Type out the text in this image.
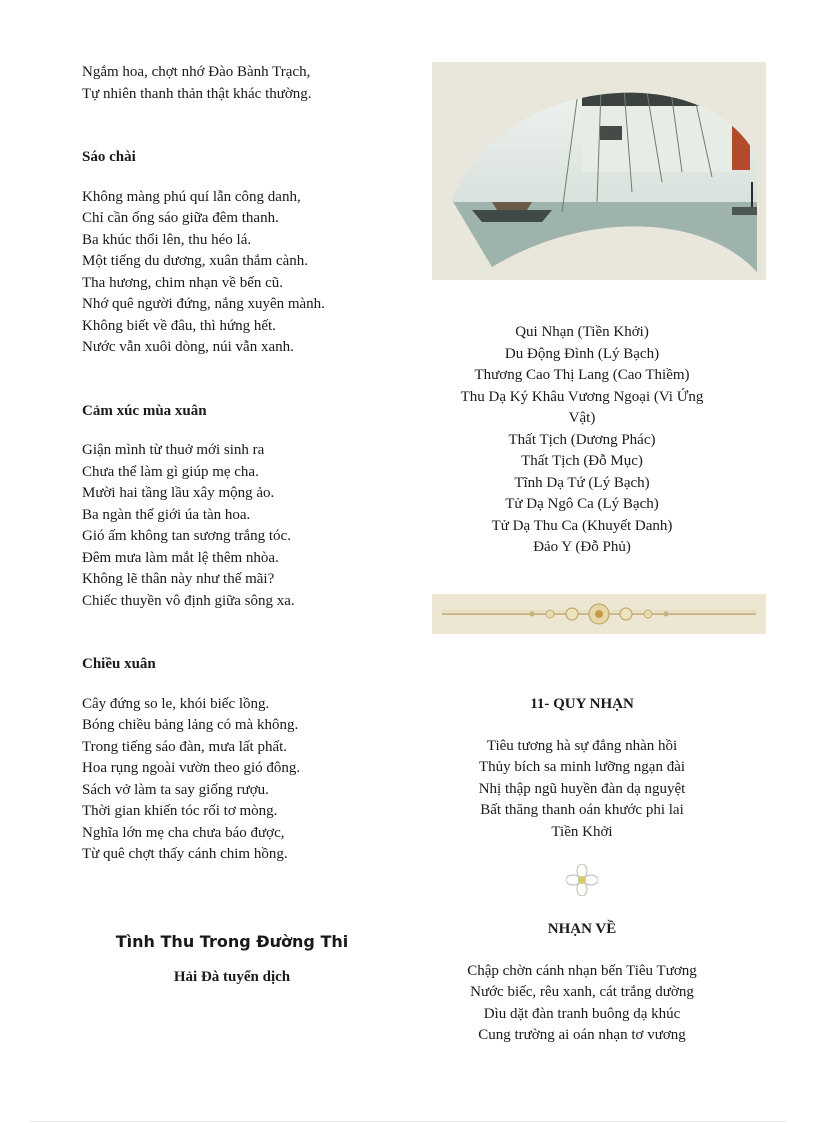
Ngắm hoa, chợt nhớ Đào Bành Trạch,
Tự nhiên thanh thản thật khác thường.
Sáo chài
Không màng phú quí lẫn công danh,
Chỉ cần ống sáo giữa đêm thanh.
Ba khúc thổi lên, thu héo lá.
Một tiếng du dương, xuân thắm cành.
Tha hương, chim nhạn về bến cũ.
Nhớ quê người đứng, nắng xuyên mành.
Không biết về đâu, thì hứng hết.
Nước vẫn xuôi dòng, núi vẫn xanh.
Cảm xúc mùa xuân
Giận mình từ thuở mới sinh ra
Chưa thể làm gì giúp mẹ cha.
Mười hai tầng lầu xây mộng ảo.
Ba ngàn thế giới úa tàn hoa.
Gió ấm không tan sương trắng tóc.
Đêm mưa làm mắt lệ thêm nhòa.
Không lẽ thân này như thế mãi?
Chiếc thuyền vô định giữa sông xa.
Chiều xuân
Cây đứng so le, khói biếc lồng.
Bóng chiều bảng lảng có mà không.
Trong tiếng sáo đàn, mưa lất phất.
Hoa rụng ngoài vườn theo gió đông.
Sách vở làm ta say giống rượu.
Thời gian khiến tóc rối tơ mòng.
Nghĩa lớn mẹ cha chưa báo được,
Từ quê chợt thấy cánh chim hồng.
Tình Thu Trong Đường Thi
Hải Đà tuyển dịch
Qui Nhạn (Tiền Khởi)
Du Động Đình (Lý Bạch)
Thương Cao Thị Lang (Cao Thiềm)
Thu Dạ Ký Khâu Vương Ngoại (Vi Ứng
Vật)
Thất Tịch (Dương Phác)
Thất Tịch (Đỗ Mục)
Tĩnh Dạ Tứ (Lý Bạch)
Tử Dạ Ngô Ca (Lý Bạch)
Tử Dạ Thu Ca (Khuyết Danh)
Đảo Y (Đỗ Phủ)
11- QUY NHẠN
Tiêu tương hà sự đẳng nhàn hồi
Thủy bích sa minh lưỡng ngạn đài
Nhị thập ngũ huyền đàn dạ nguyệt
Bất thăng thanh oán khước phi lai
Tiền Khởi
NHẠN VỀ
Chập chờn cánh nhạn bến Tiêu Tương
Nước biếc, rêu xanh, cát trắng dường
Dìu dặt đàn tranh buông dạ khúc
Cung trường ai oán nhạn tơ vương
